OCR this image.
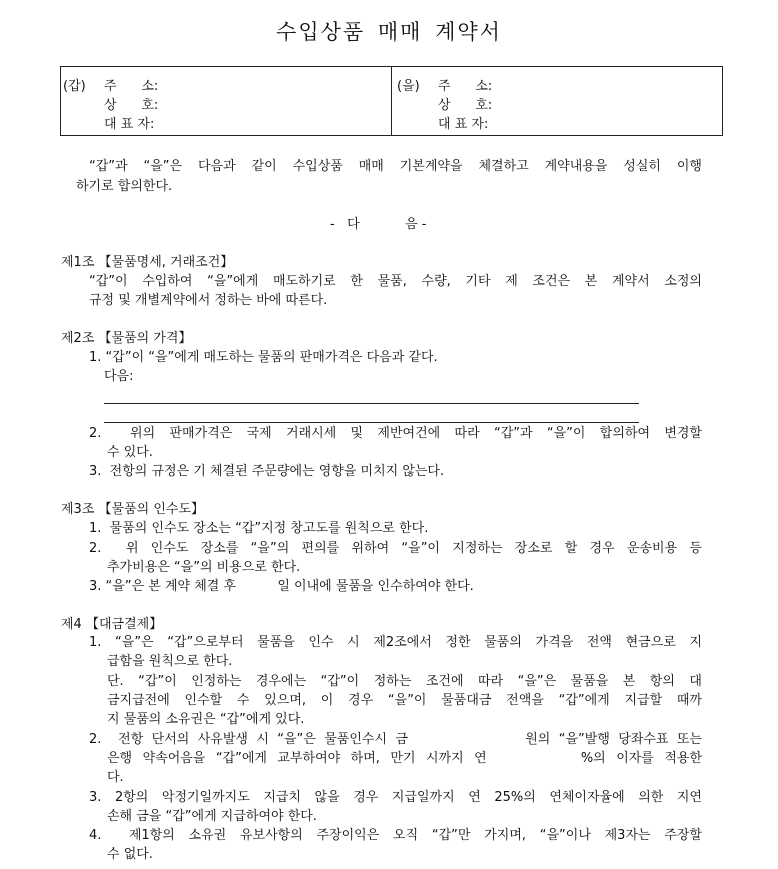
수입상품 매매 계약서
(갑) 주      소:
상      호:
대 표 자:
(을) 주      소:
상      호:
대 표 자:
“갑”과 “을”은 다음과 같이 수입상품 매매 기본계약을 체결하고 계약내용을 성실히 이행
하기로 합의한다.
-   다           음 -
제1조 【물품명세, 거래조건】
“갑”이 수입하여 “을”에게 매도하기로 한 물품, 수량, 기타 제 조건은 본 계약서 소정의
규정 및 개별계약에서 정하는 바에 따른다.
제2조 【물품의 가격】
1. “갑”이 “을”에게 매도하는 물품의 판매가격은 다음과 같다.
다음:
2.  위의 판매가격은 국제 거래시세 및 제반여건에 따라 “갑”과 “을”이 합의하여 변경할
수 있다.
3.  전항의 규정은 기 체결된 주문량에는 영향을 미치지 않는다.
제3조 【물품의 인수도】
1.  물품의 인수도 장소는 “갑”지정 창고도를 원칙으로 한다.
2.  위 인수도 장소를 “을”의 편의를 위하여 “을”이 지정하는 장소로 할 경우 운송비용 등
추가비용은 “을”의 비용으로 한다.
3. “을”은 본 계약 체결 후          일 이내에 물품을 인수하여야 한다.
제4 【대금결제】
1. “을”은 “갑”으로부터 물품을 인수 시 제2조에서 정한 물품의 가격을 전액 현금으로 지
급함을 원칙으로 한다.
단. “갑”이 인정하는 경우에는 “갑”이 정하는 조건에 따라 “을”은 물품을 본 항의 대
금지급전에 인수할 수 있으며, 이 경우 “을”이 물품대금 전액을 “갑”에게 지급할 때까
지 물품의 소유권은 “갑”에게 있다.
2.  전항 단서의 사유발생 시 “을”은 물품인수시 금              원의 “을”발행 당좌수표 또는
은행 약속어음을 “갑”에게 교부하여야 하며, 만기 시까지 연         %의 이자를 적용한
다.
3. 2항의 악정기일까지도 지급치 않을 경우 지급일까지 연 25%의 연체이자율에 의한 지연
손해 금을 “갑”에게 지급하여야 한다.
4.  제1항의 소유권 유보사항의 주장이익은 오직 “갑”만 가지며, “을”이나 제3자는 주장할
수 없다.
